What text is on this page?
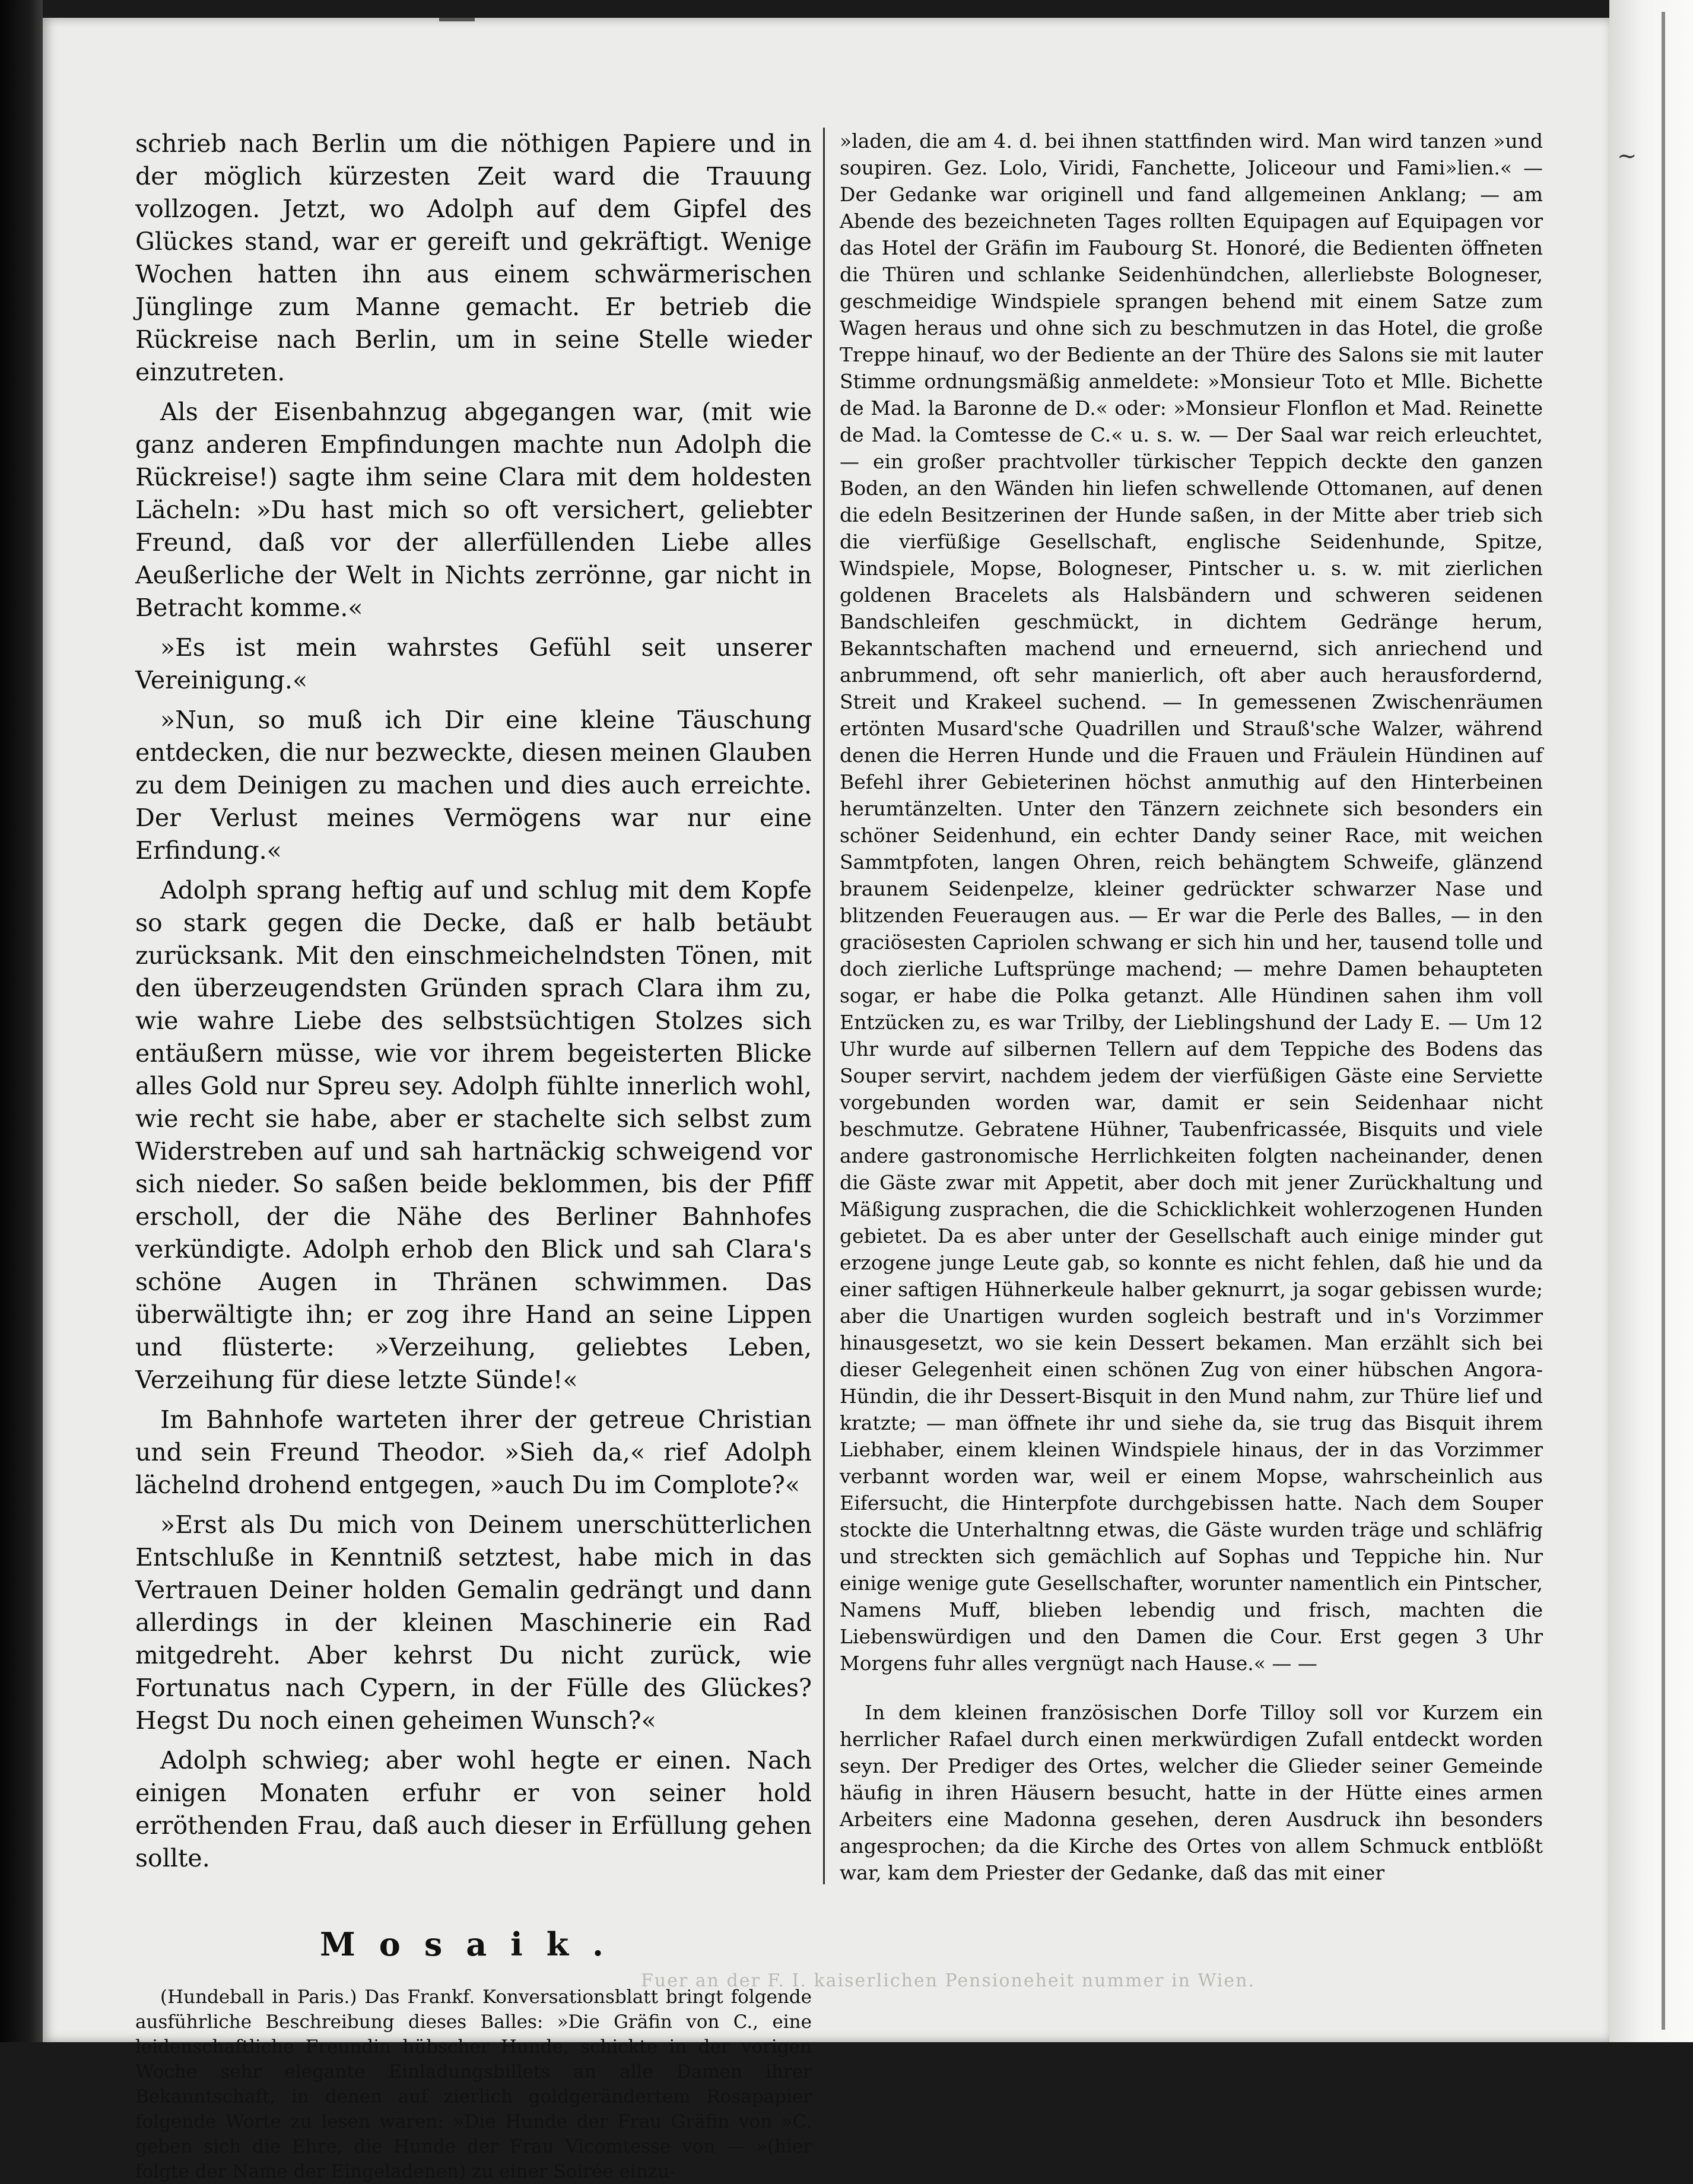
~

schrieb nach Berlin um die nöthigen Papiere und in der möglich kürzesten Zeit ward die Trauung vollzogen. Jetzt, wo Adolph auf dem Gipfel des Glückes stand, war er gereift und gekräftigt. Wenige Wochen hatten ihn aus einem schwärmerischen Jünglinge zum Manne gemacht. Er betrieb die Rückreise nach Berlin, um in seine Stelle wieder einzutreten.

Als der Eisenbahnzug abgegangen war, (mit wie ganz anderen Empfindungen machte nun Adolph die Rückreise!) sagte ihm seine Clara mit dem holdesten Lächeln: »Du hast mich so oft versichert, geliebter Freund, daß vor der allerfüllenden Liebe alles Aeußerliche der Welt in Nichts zerrönne, gar nicht in Betracht komme.«

»Es ist mein wahrstes Gefühl seit unserer Vereinigung.«

»Nun, so muß ich Dir eine kleine Täuschung entdecken, die nur bezweckte, diesen meinen Glauben zu dem Deinigen zu machen und dies auch erreichte. Der Verlust meines Vermögens war nur eine Erfindung.«

Adolph sprang heftig auf und schlug mit dem Kopfe so stark gegen die Decke, daß er halb betäubt zurücksank. Mit den einschmeichelndsten Tönen, mit den überzeugendsten Gründen sprach Clara ihm zu, wie wahre Liebe des selbstsüchtigen Stolzes sich entäußern müsse, wie vor ihrem begeisterten Blicke alles Gold nur Spreu sey. Adolph fühlte innerlich wohl, wie recht sie habe, aber er stachelte sich selbst zum Widerstreben auf und sah hartnäckig schweigend vor sich nieder. So saßen beide beklommen, bis der Pfiff erscholl, der die Nähe des Berliner Bahnhofes verkündigte. Adolph erhob den Blick und sah Clara's schöne Augen in Thränen schwimmen. Das überwältigte ihn; er zog ihre Hand an seine Lippen und flüsterte: »Verzeihung, geliebtes Leben, Verzeihung für diese letzte Sünde!«

Im Bahnhofe warteten ihrer der getreue Christian und sein Freund Theodor. »Sieh da,« rief Adolph lächelnd drohend entgegen, »auch Du im Complote?«

»Erst als Du mich von Deinem unerschütterlichen Entschluße in Kenntniß setztest, habe mich in das Vertrauen Deiner holden Gemalin gedrängt und dann allerdings in der kleinen Maschinerie ein Rad mitgedreht. Aber kehrst Du nicht zurück, wie Fortunatus nach Cypern, in der Fülle des Glückes? Hegst Du noch einen geheimen Wunsch?«

Adolph schwieg; aber wohl hegte er einen. Nach einigen Monaten erfuhr er von seiner hold erröthenden Frau, daß auch dieser in Erfüllung gehen sollte.

Mosaik.

(Hundeball in Paris.) Das Frankf. Konversationsblatt bringt folgende ausführliche Beschreibung dieses Balles: »Die Gräfin von C., eine leidenschaftliche Freundin hübscher Hunde, schickte in der vorigen Woche sehr elegante Einladungsbillets an alle Damen ihrer Bekanntschaft, in denen auf zierlich goldgerändertem Rosapapier folgende Worte zu lesen waren: »Die Hunde der Frau Gräfin von »C. geben sich die Ehre, die Hunde der Frau Vicomtesse von — »(hier folgte der Name der Eingeladenen) zu einer Soirée einzu-

»laden, die am 4. d. bei ihnen stattfinden wird. Man wird tanzen »und soupiren. Gez. Lolo, Viridi, Fanchette, Joliceour und Fami»lien.« — Der Gedanke war originell und fand allgemeinen Anklang; — am Abende des bezeichneten Tages rollten Equipagen auf Equipagen vor das Hotel der Gräfin im Faubourg St. Honoré, die Bedienten öffneten die Thüren und schlanke Seidenhündchen, allerliebste Bologneser, geschmeidige Windspiele sprangen behend mit einem Satze zum Wagen heraus und ohne sich zu beschmutzen in das Hotel, die große Treppe hinauf, wo der Bediente an der Thüre des Salons sie mit lauter Stimme ordnungsmäßig anmeldete: »Monsieur Toto et Mlle. Bichette de Mad. la Baronne de D.« oder: »Monsieur Flonflon et Mad. Reinette de Mad. la Comtesse de C.« u. s. w. — Der Saal war reich erleuchtet, — ein großer prachtvoller türkischer Teppich deckte den ganzen Boden, an den Wänden hin liefen schwellende Ottomanen, auf denen die edeln Besitzerinen der Hunde saßen, in der Mitte aber trieb sich die vierfüßige Gesellschaft, englische Seidenhunde, Spitze, Windspiele, Mopse, Bologneser, Pintscher u. s. w. mit zierlichen goldenen Bracelets als Halsbändern und schweren seidenen Bandschleifen geschmückt, in dichtem Gedränge herum, Bekanntschaften machend und erneuernd, sich anriechend und anbrummend, oft sehr manierlich, oft aber auch herausfordernd, Streit und Krakeel suchend. — In gemessenen Zwischenräumen ertönten Musard'sche Quadrillen und Strauß'sche Walzer, während denen die Herren Hunde und die Frauen und Fräulein Hündinen auf Befehl ihrer Gebieterinen höchst anmuthig auf den Hinterbeinen herumtänzelten. Unter den Tänzern zeichnete sich besonders ein schöner Seidenhund, ein echter Dandy seiner Race, mit weichen Sammtpfoten, langen Ohren, reich behängtem Schweife, glänzend braunem Seidenpelze, kleiner gedrückter schwarzer Nase und blitzenden Feueraugen aus. — Er war die Perle des Balles, — in den graciösesten Capriolen schwang er sich hin und her, tausend tolle und doch zierliche Luftsprünge machend; — mehre Damen behaupteten sogar, er habe die Polka getanzt. Alle Hündinen sahen ihm voll Entzücken zu, es war Trilby, der Lieblingshund der Lady E. — Um 12 Uhr wurde auf silbernen Tellern auf dem Teppiche des Bodens das Souper servirt, nachdem jedem der vierfüßigen Gäste eine Serviette vorgebunden worden war, damit er sein Seidenhaar nicht beschmutze. Gebratene Hühner, Taubenfricassée, Bisquits und viele andere gastronomische Herrlichkeiten folgten nacheinander, denen die Gäste zwar mit Appetit, aber doch mit jener Zurückhaltung und Mäßigung zusprachen, die die Schicklichkeit wohlerzogenen Hunden gebietet. Da es aber unter der Gesellschaft auch einige minder gut erzogene junge Leute gab, so konnte es nicht fehlen, daß hie und da einer saftigen Hühnerkeule halber geknurrt, ja sogar gebissen wurde; aber die Unartigen wurden sogleich bestraft und in's Vorzimmer hinausgesetzt, wo sie kein Dessert bekamen. Man erzählt sich bei dieser Gelegenheit einen schönen Zug von einer hübschen Angora-Hündin, die ihr Dessert-Bisquit in den Mund nahm, zur Thüre lief und kratzte; — man öffnete ihr und siehe da, sie trug das Bisquit ihrem Liebhaber, einem kleinen Windspiele hinaus, der in das Vorzimmer verbannt worden war, weil er einem Mopse, wahrscheinlich aus Eifersucht, die Hinterpfote durchgebissen hatte. Nach dem Souper stockte die Unterhaltnng etwas, die Gäste wurden träge und schläfrig und streckten sich gemächlich auf Sophas und Teppiche hin. Nur einige wenige gute Gesellschafter, worunter namentlich ein Pintscher, Namens Muff, blieben lebendig und frisch, machten die Liebenswürdigen und den Damen die Cour. Erst gegen 3 Uhr Morgens fuhr alles vergnügt nach Hause.« — —

In dem kleinen französischen Dorfe Tilloy soll vor Kurzem ein herrlicher Rafael durch einen merkwürdigen Zufall entdeckt worden seyn. Der Prediger des Ortes, welcher die Glieder seiner Gemeinde häufig in ihren Häusern besucht, hatte in der Hütte eines armen Arbeiters eine Madonna gesehen, deren Ausdruck ihn besonders angesprochen; da die Kirche des Ortes von allem Schmuck entblößt war, kam dem Priester der Gedanke, daß das mit einer

Fuer an der F. I. kaiserlichen Pensioneheit nummer in Wien.
